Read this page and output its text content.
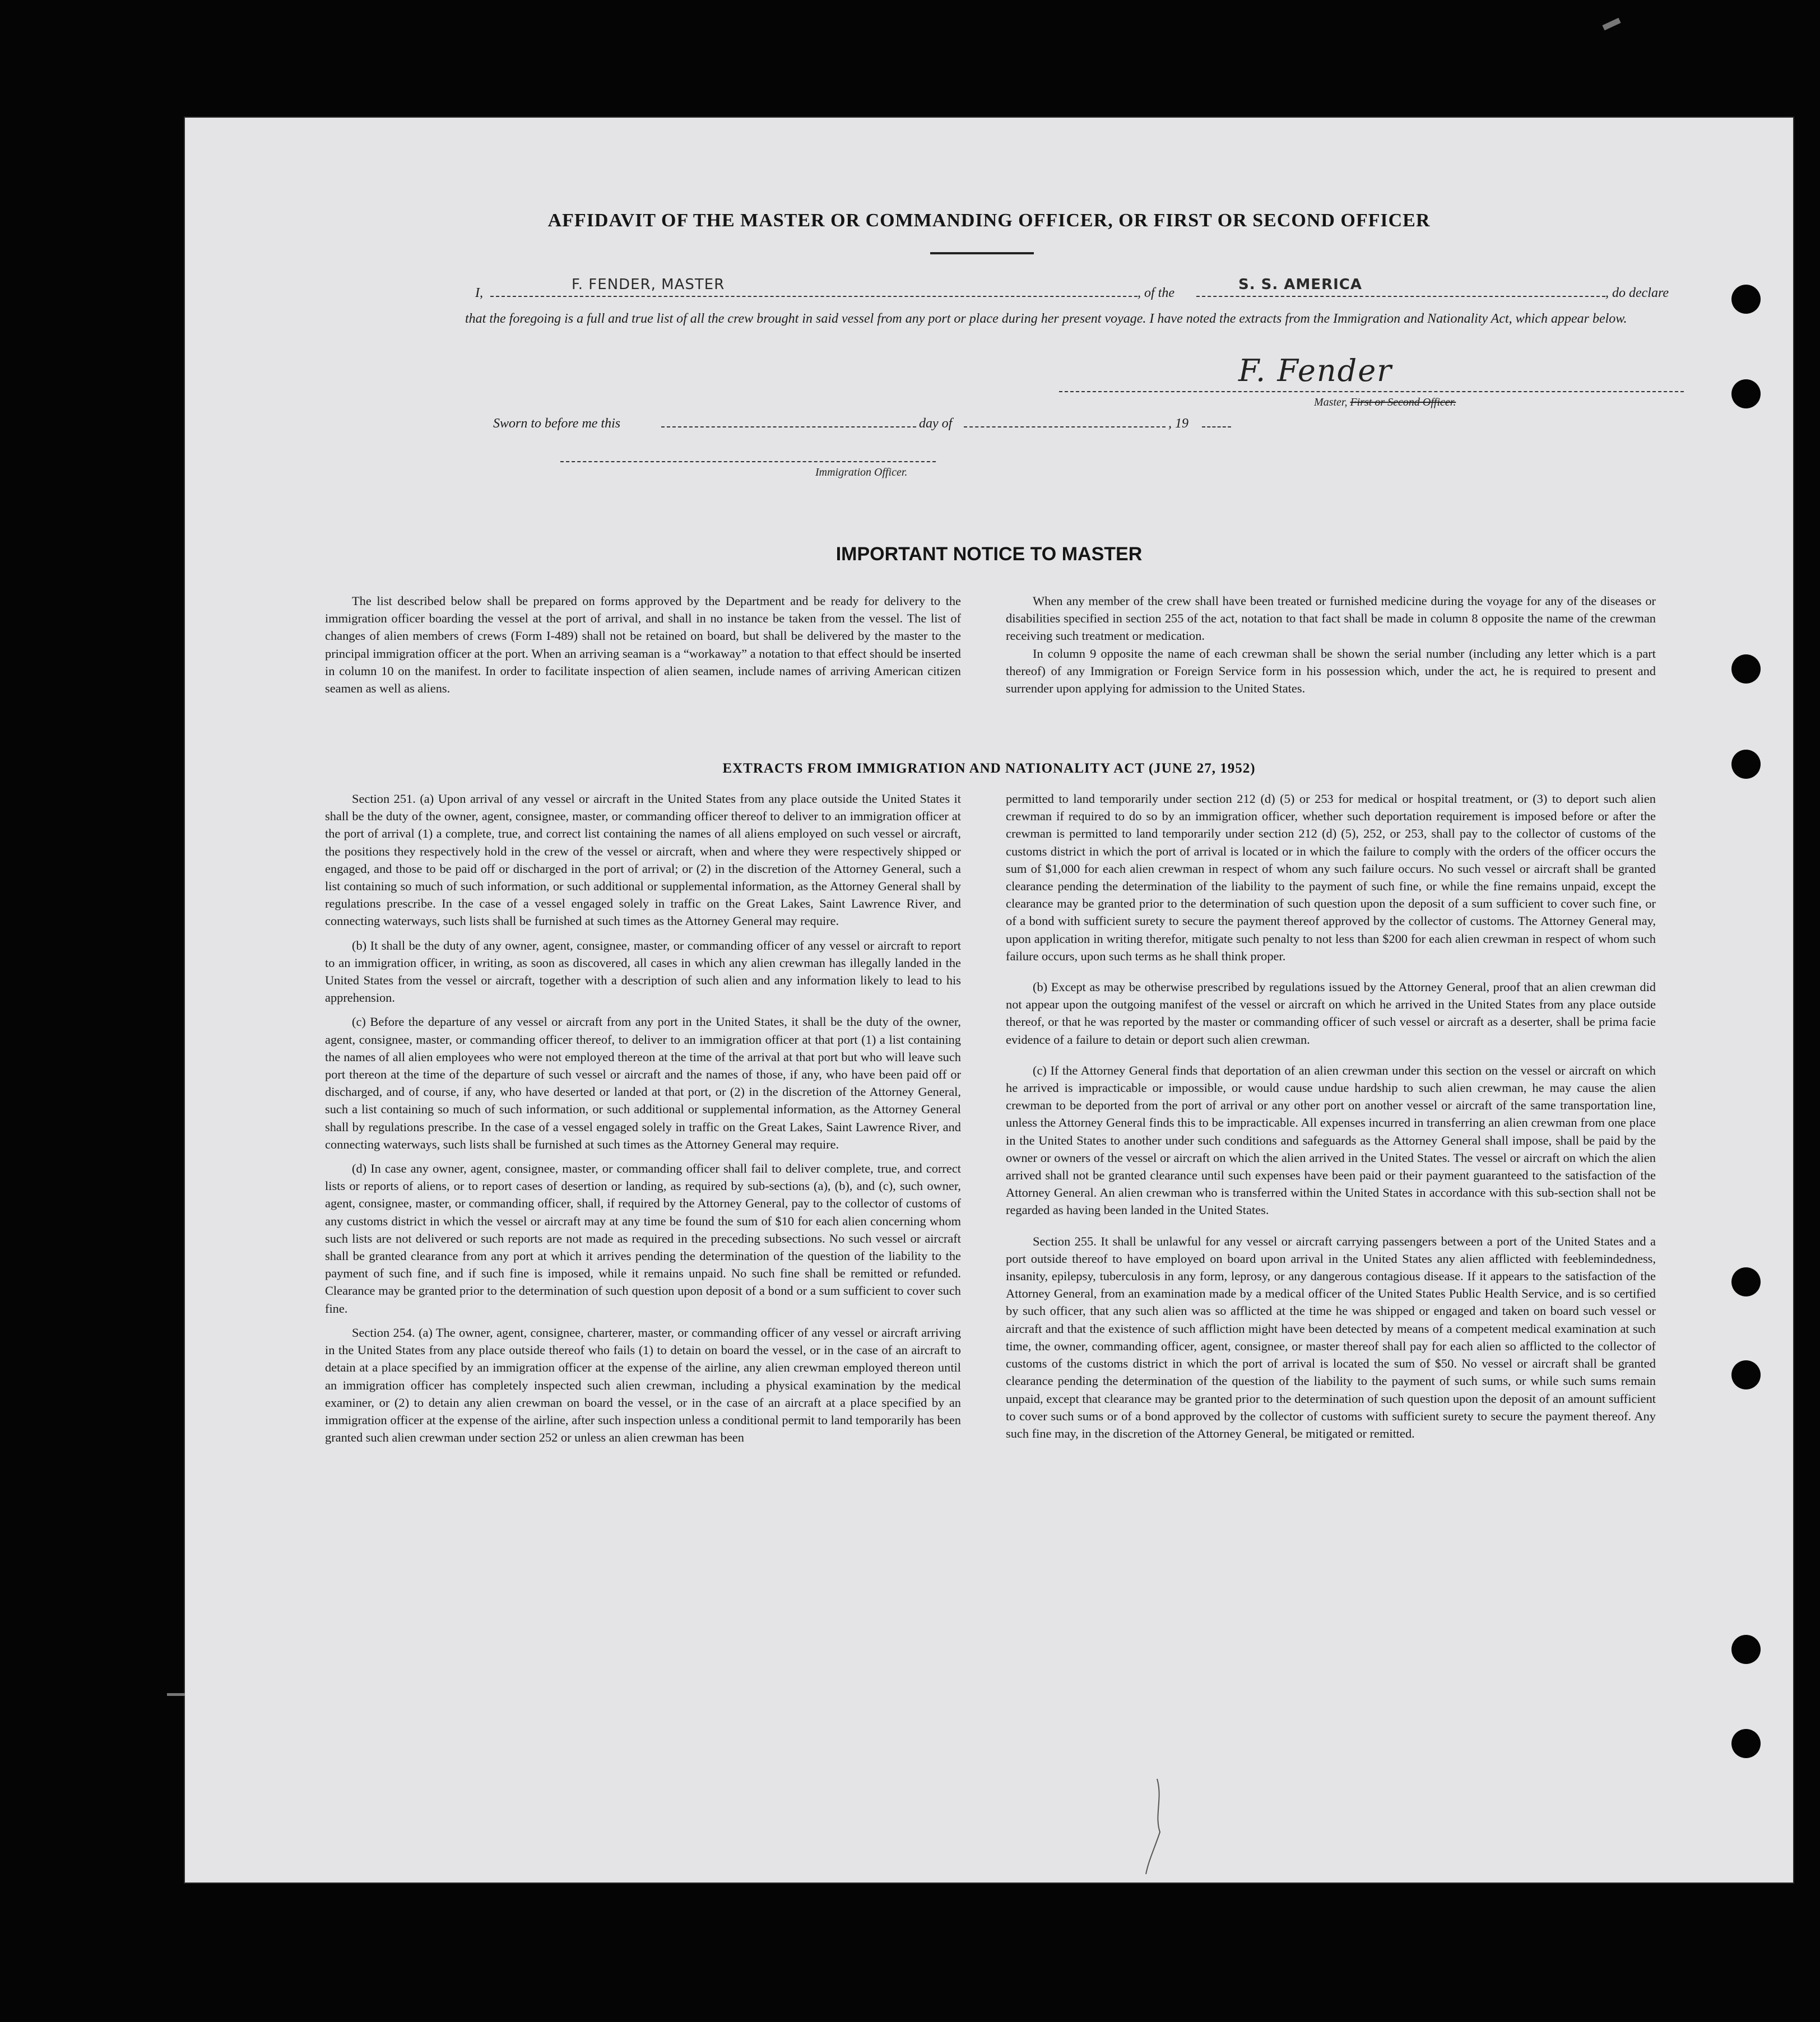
AFFIDAVIT OF THE MASTER OR COMMANDING OFFICER, OR FIRST OR SECOND OFFICER
I,	F. FENDER, MASTER	, of the	S. S. AMERICA	, do declare
that the foregoing is a full and true list of all the crew brought in said vessel from any port or place during her present voyage. I have noted the extracts from the Immigration and Nationality Act, which appear below.
F. Fender
Master, First or Second Officer.
Sworn to before me this	day of	, 19
Immigration Officer.
IMPORTANT NOTICE TO MASTER

The list described below shall be prepared on forms approved by the Department and be ready for delivery to the immigration officer boarding the vessel at the port of arrival, and shall in no instance be taken from the vessel. The list of changes of alien members of crews (Form I-489) shall not be retained on board, but shall be delivered by the master to the principal immigration officer at the port. When an arriving seaman is a “workaway” a notation to that effect should be inserted in column 10 on the manifest. In order to facilitate inspection of alien seamen, include names of arriving American citizen seamen as well as aliens.

When any member of the crew shall have been treated or furnished medicine during the voyage for any of the diseases or disabilities specified in section 255 of the act, notation to that fact shall be made in column 8 opposite the name of the crewman receiving such treatment or medication.

In column 9 opposite the name of each crewman shall be shown the serial number (including any letter which is a part thereof) of any Immigration or Foreign Service form in his possession which, under the act, he is required to present and surrender upon applying for admission to the United States.

EXTRACTS FROM IMMIGRATION AND NATIONALITY ACT (JUNE 27, 1952)

Section 251. (a) Upon arrival of any vessel or aircraft in the United States from any place outside the United States it shall be the duty of the owner, agent, consignee, master, or commanding officer thereof to deliver to an immigration officer at the port of arrival (1) a complete, true, and correct list containing the names of all aliens employed on such vessel or aircraft, the positions they respectively hold in the crew of the vessel or aircraft, when and where they were respectively shipped or engaged, and those to be paid off or discharged in the port of arrival; or (2) in the discretion of the Attorney General, such a list containing so much of such information, or such additional or supplemental information, as the Attorney General shall by regulations prescribe. In the case of a vessel engaged solely in traffic on the Great Lakes, Saint Lawrence River, and connecting waterways, such lists shall be furnished at such times as the Attorney General may require.

(b) It shall be the duty of any owner, agent, consignee, master, or commanding officer of any vessel or aircraft to report to an immigration officer, in writing, as soon as discovered, all cases in which any alien crewman has illegally landed in the United States from the vessel or aircraft, together with a description of such alien and any information likely to lead to his apprehension.

(c) Before the departure of any vessel or aircraft from any port in the United States, it shall be the duty of the owner, agent, consignee, master, or commanding officer thereof, to deliver to an immigration officer at that port (1) a list containing the names of all alien employees who were not employed thereon at the time of the arrival at that port but who will leave such port thereon at the time of the departure of such vessel or aircraft and the names of those, if any, who have been paid off or discharged, and of course, if any, who have deserted or landed at that port, or (2) in the discretion of the Attorney General, such a list containing so much of such information, or such additional or supplemental information, as the Attorney General shall by regulations prescribe. In the case of a vessel engaged solely in traffic on the Great Lakes, Saint Lawrence River, and connecting waterways, such lists shall be furnished at such times as the Attorney General may require.

(d) In case any owner, agent, consignee, master, or commanding officer shall fail to deliver complete, true, and correct lists or reports of aliens, or to report cases of desertion or landing, as required by sub-sections (a), (b), and (c), such owner, agent, consignee, master, or commanding officer, shall, if required by the Attorney General, pay to the collector of customs of any customs district in which the vessel or aircraft may at any time be found the sum of $10 for each alien concerning whom such lists are not delivered or such reports are not made as required in the preceding subsections. No such vessel or aircraft shall be granted clearance from any port at which it arrives pending the determination of the question of the liability to the payment of such fine, and if such fine is imposed, while it remains unpaid. No such fine shall be remitted or refunded. Clearance may be granted prior to the determination of such question upon deposit of a bond or a sum sufficient to cover such fine.

Section 254. (a) The owner, agent, consignee, charterer, master, or commanding officer of any vessel or aircraft arriving in the United States from any place outside thereof who fails (1) to detain on board the vessel, or in the case of an aircraft to detain at a place specified by an immigration officer at the expense of the airline, any alien crewman employed thereon until an immigration officer has completely inspected such alien crewman, including a physical examination by the medical examiner, or (2) to detain any alien crewman on board the vessel, or in the case of an aircraft at a place specified by an immigration officer at the expense of the airline, after such inspection unless a conditional permit to land temporarily has been granted such alien crewman under section 252 or unless an alien crewman has been

permitted to land temporarily under section 212 (d) (5) or 253 for medical or hospital treatment, or (3) to deport such alien crewman if required to do so by an immigration officer, whether such deportation requirement is imposed before or after the crewman is permitted to land temporarily under section 212 (d) (5), 252, or 253, shall pay to the collector of customs of the customs district in which the port of arrival is located or in which the failure to comply with the orders of the officer occurs the sum of $1,000 for each alien crewman in respect of whom any such failure occurs. No such vessel or aircraft shall be granted clearance pending the determination of the liability to the payment of such fine, or while the fine remains unpaid, except the clearance may be granted prior to the determination of such question upon the deposit of a sum sufficient to cover such fine, or of a bond with sufficient surety to secure the payment thereof approved by the collector of customs. The Attorney General may, upon application in writing therefor, mitigate such penalty to not less than $200 for each alien crewman in respect of whom such failure occurs, upon such terms as he shall think proper.

(b) Except as may be otherwise prescribed by regulations issued by the Attorney General, proof that an alien crewman did not appear upon the outgoing manifest of the vessel or aircraft on which he arrived in the United States from any place outside thereof, or that he was reported by the master or commanding officer of such vessel or aircraft as a deserter, shall be prima facie evidence of a failure to detain or deport such alien crewman.

(c) If the Attorney General finds that deportation of an alien crewman under this section on the vessel or aircraft on which he arrived is impracticable or impossible, or would cause undue hardship to such alien crewman, he may cause the alien crewman to be deported from the port of arrival or any other port on another vessel or aircraft of the same transportation line, unless the Attorney General finds this to be impracticable. All expenses incurred in transferring an alien crewman from one place in the United States to another under such conditions and safeguards as the Attorney General shall impose, shall be paid by the owner or owners of the vessel or aircraft on which the alien arrived in the United States. The vessel or aircraft on which the alien arrived shall not be granted clearance until such expenses have been paid or their payment guaranteed to the satisfaction of the Attorney General. An alien crewman who is transferred within the United States in accordance with this sub-section shall not be regarded as having been landed in the United States.

Section 255. It shall be unlawful for any vessel or aircraft carrying passengers between a port of the United States and a port outside thereof to have employed on board upon arrival in the United States any alien afflicted with feeblemindedness, insanity, epilepsy, tuberculosis in any form, leprosy, or any dangerous contagious disease. If it appears to the satisfaction of the Attorney General, from an examination made by a medical officer of the United States Public Health Service, and is so certified by such officer, that any such alien was so afflicted at the time he was shipped or engaged and taken on board such vessel or aircraft and that the existence of such affliction might have been detected by means of a competent medical examination at such time, the owner, commanding officer, agent, consignee, or master thereof shall pay for each alien so afflicted to the collector of customs of the customs district in which the port of arrival is located the sum of $50. No vessel or aircraft shall be granted clearance pending the determination of the question of the liability to the payment of such sums, or while such sums remain unpaid, except that clearance may be granted prior to the determination of such question upon the deposit of an amount sufficient to cover such sums or of a bond approved by the collector of customs with sufficient surety to secure the payment thereof. Any such fine may, in the discretion of the Attorney General, be mitigated or remitted.
